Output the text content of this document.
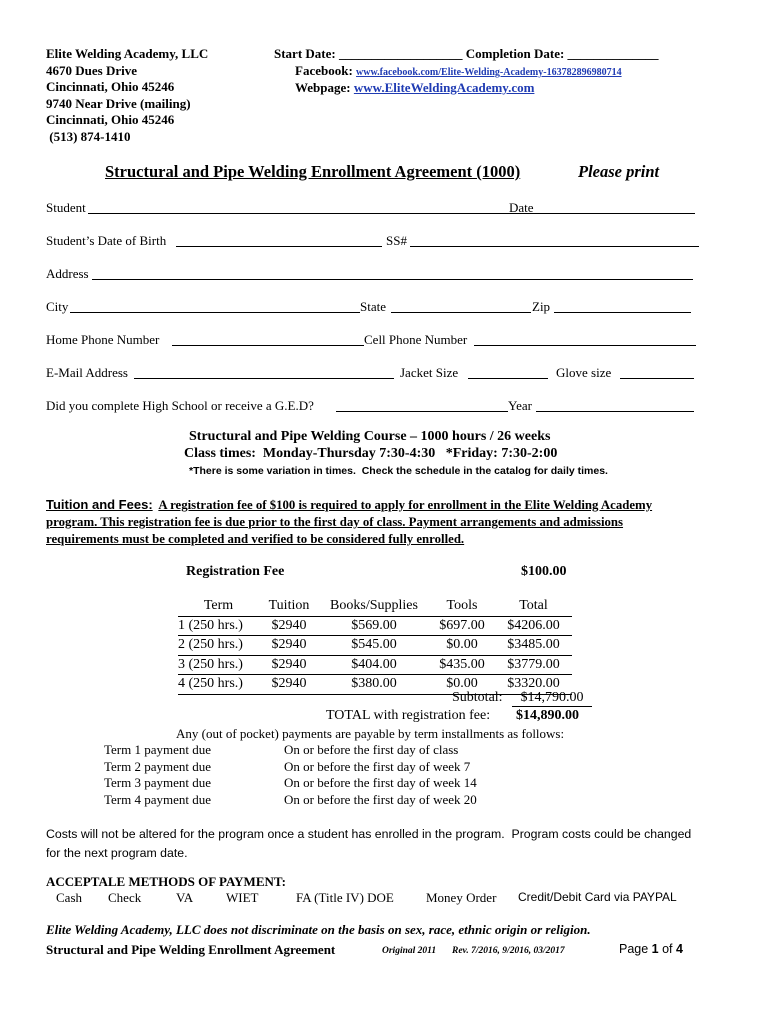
Elite Welding Academy, LLC
4670 Dues Drive
Cincinnati, Ohio 45246
9740 Near Drive (mailing)
Cincinnati, Ohio 45246
(513) 874-1410
Start Date: ___________________ Completion Date: ______________
Facebook: www.facebook.com/Elite-Welding-Academy-163782896980714
Webpage: www.EliteWeldingAcademy.com
Structural and Pipe Welding Enrollment Agreement (1000)	Please print
Student	Date
Student’s Date of Birth	SS#
Address
City	State	Zip
Home Phone Number	Cell Phone Number
E-Mail Address	Jacket Size	Glove size
Did you complete High School or receive a G.E.D?	Year
Structural and Pipe Welding Course – 1000 hours / 26 weeks
Class times:  Monday-Thursday 7:30-4:30   *Friday: 7:30-2:00
*There is some variation in times.  Check the schedule in the catalog for daily times.
Tuition and Fees: A registration fee of $100 is required to apply for enrollment in the Elite Welding Academy
program. This registration fee is due prior to the first day of class. Payment arrangements and admissions
requirements must be completed and verified to be considered fully enrolled.
Registration Fee	$100.00
Term	Tuition	Books/Supplies	Tools	Total
1 (250 hrs.)	$2940	$569.00	$697.00	$4206.00
2 (250 hrs.)	$2940	$545.00	$0.00	$3485.00
3 (250 hrs.)	$2940	$404.00	$435.00	$3779.00
4 (250 hrs.)	$2940	$380.00	$0.00	$3320.00
Subtotal:	$14,790.00
TOTAL with registration fee: $14,890.00
Any (out of pocket) payments are payable by term installments as follows:
Term 1 payment due	On or before the first day of class
Term 2 payment due	On or before the first day of week 7
Term 3 payment due	On or before the first day of week 14
Term 4 payment due	On or before the first day of week 20
Costs will not be altered for the program once a student has enrolled in the program.  Program costs could be changed
for the next program date.
ACCEPTALE METHODS OF PAYMENT:
Cash Check	VA	WIET	FA (Title IV) DOE Money Order Credit/Debit Card via PAYPAL
Elite Welding Academy, LLC does not discriminate on the basis on sex, race, ethnic origin or religion.
Structural and Pipe Welding Enrollment Agreement	Original 2011 Rev. 7/2016, 9/2016, 03/2017	Page 1 of 4
